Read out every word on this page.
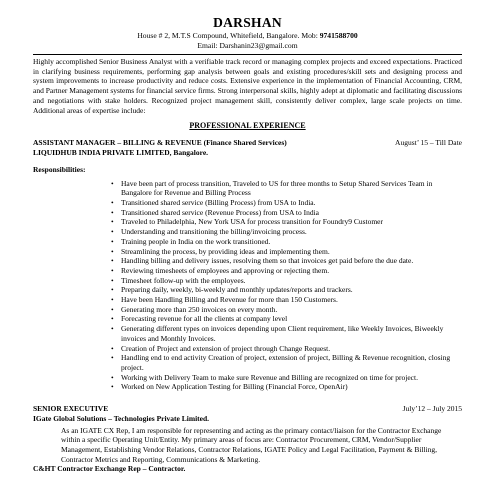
DARSHAN
House # 2, M.T.S Compound, Whitefield, Bangalore. Mob: 9741588700
Email: Darshanin23@gmail.com

Highly accomplished Senior Business Analyst with a verifiable track record or managing complex projects and exceed expectations. Practiced in clarifying business requirements, performing gap analysis between goals and existing procedures/skill sets and designing process and system improvements to increase productivity and reduce costs. Extensive experience in the implementation of Financial Accounting, CRM, and Partner Management systems for financial service firms. Strong interpersonal skills, highly adept at diplomatic and facilitating discussions and negotiations with stake holders. Recognized project management skill, consistently deliver complex, large scale projects on time. Additional areas of expertise include:

PROFESSIONAL EXPERIENCE
ASSISTANT MANAGER – BILLING & REVENUE (Finance Shared Services)	August’ 15 – Till Date
LIQUIDHUB INDIA PRIVATE LIMITED, Bangalore.
Responsibilities:
• Have been part of process transition, Traveled to US for three months to Setup Shared Services Team in Bangalore for Revenue and Billing Process
• Transitioned shared service (Billing Process) from USA to India.
• Transitioned shared service (Revenue Process) from USA to India
• Traveled to Philadelphia, New York USA for process transition for Foundry9 Customer
• Understanding and transitioning the billing/invoicing process.
• Training people in India on the work transitioned.
• Streamlining the process, by providing ideas and implementing them.
• Handling billing and delivery issues, resolving them so that invoices get paid before the due date.
• Reviewing timesheets of employees and approving or rejecting them.
• Timesheet follow-up with the employees.
• Preparing daily, weekly, bi-weekly and monthly updates/reports and trackers.
• Have been Handling Billing and Revenue for more than 150 Customers.
• Generating more than 250 invoices on every month.
• Forecasting revenue for all the clients at company level
• Generating different types on invoices depending upon Client requirement, like Weekly Invoices, Biweekly invoices and Monthly Invoices.
• Creation of Project and extension of project through Change Request.
• Handling end to end activity Creation of project, extension of project, Billing & Revenue recognition, closing project.
• Working with Delivery Team to make sure Revenue and Billing are recognized on time for project.
• Worked on New Application Testing for Billing (Financial Force, OpenAir)
SENIOR EXECUTIVE	July’12 – July 2015
IGate Global Solutions – Technologies Private Limited.

As an IGATE CX Rep, I am responsible for representing and acting as the primary contact/liaison for the Contractor Exchange within a specific Operating Unit/Entity. My primary areas of focus are: Contractor Procurement, CRM, Vendor/Supplier Management, Establishing Vendor Relations, Contractor Relations, IGATE Policy and Legal Facilitation, Payment & Billing, Contractor Metrics and Reporting, Communications & Marketing.

C&HT Contractor Exchange Rep – Contractor.
